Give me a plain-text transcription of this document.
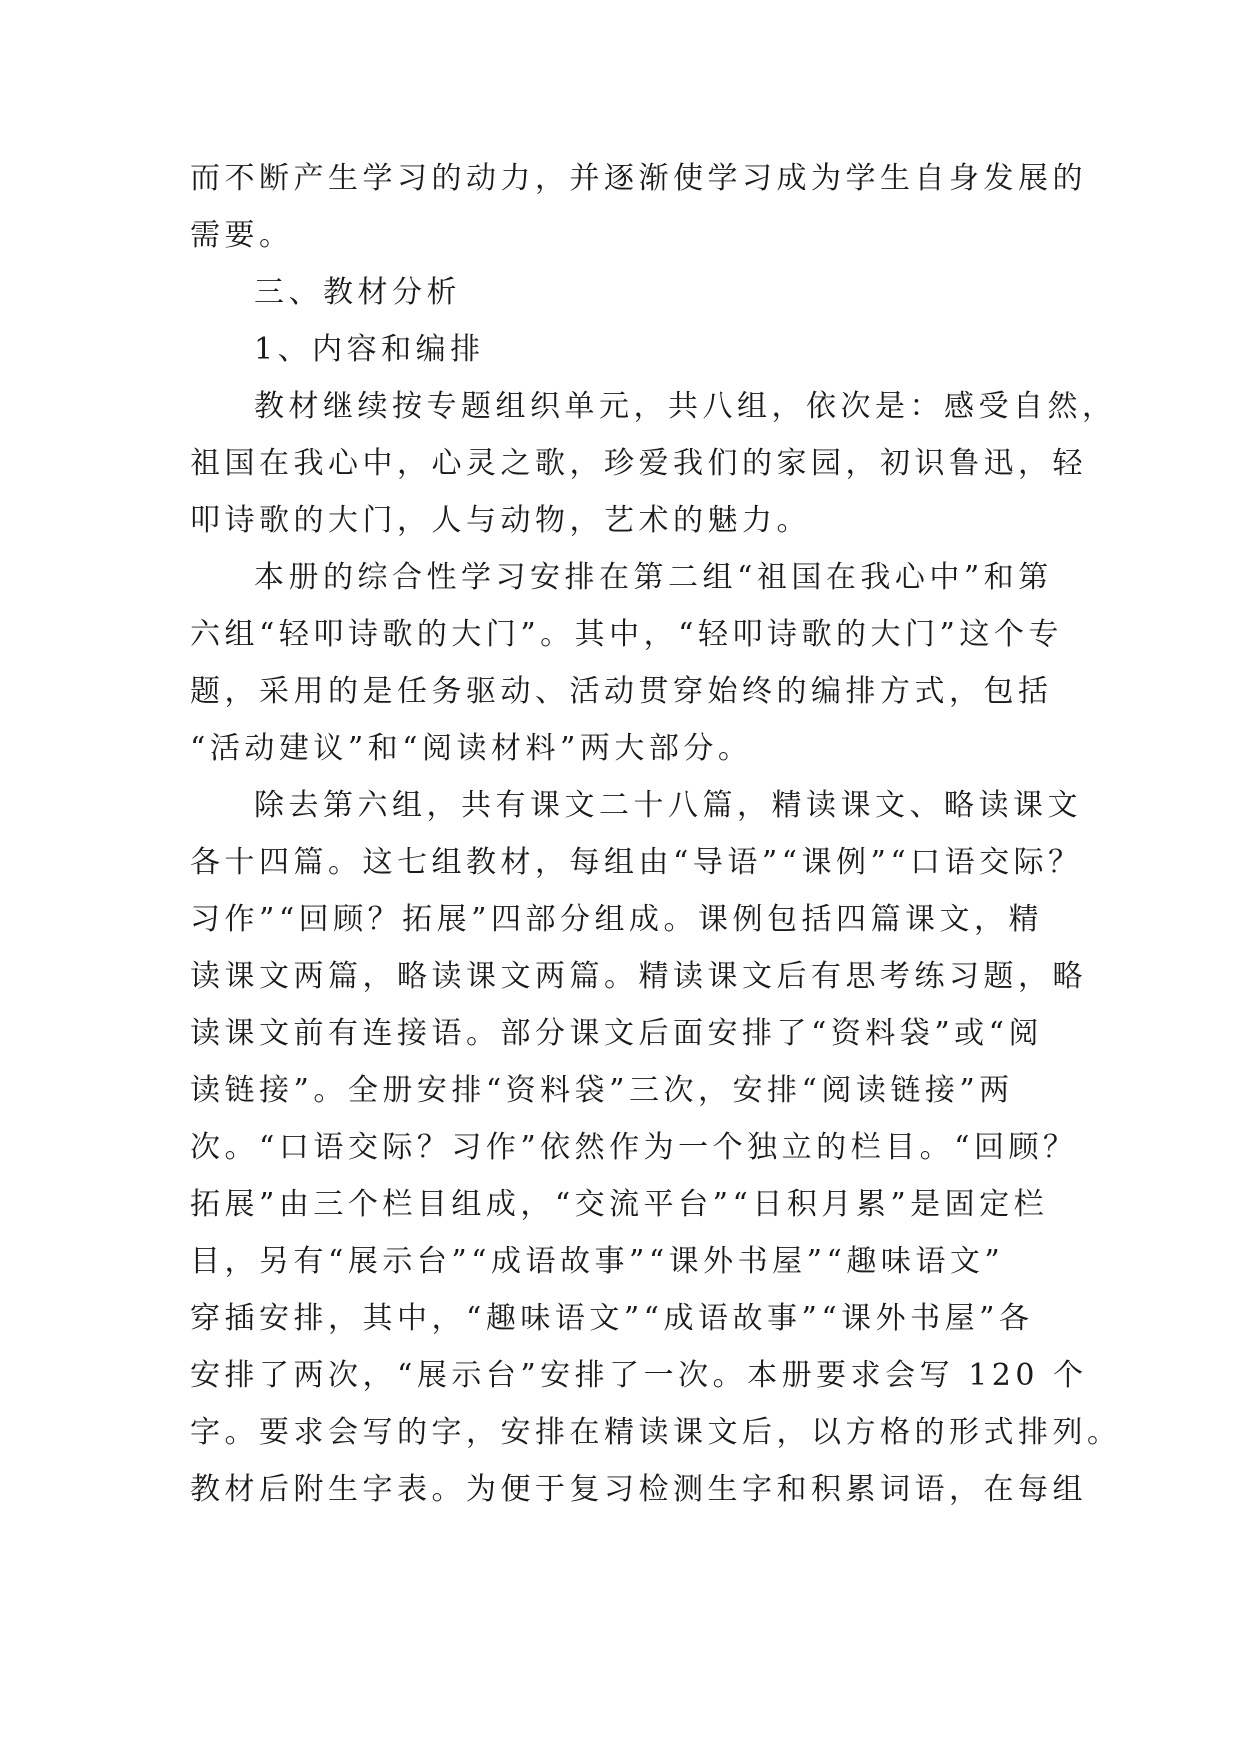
而不断产生学习的动力，并逐渐使学习成为学生自身发展的
需要。
三、教材分析
1、内容和编排
教材继续按专题组织单元，共八组，依次是：感受自然，
祖国在我心中，心灵之歌，珍爱我们的家园，初识鲁迅，轻
叩诗歌的大门，人与动物，艺术的魅力。
本册的综合性学习安排在第二组“祖国在我心中”和第
六组“轻叩诗歌的大门”。其中，“轻叩诗歌的大门”这个专
题，采用的是任务驱动、活动贯穿始终的编排方式，包括
“活动建议”和“阅读材料”两大部分。
除去第六组，共有课文二十八篇，精读课文、略读课文
各十四篇。这七组教材，每组由“导语”“课例”“口语交际？
习作”“回顾？拓展”四部分组成。课例包括四篇课文，精
读课文两篇，略读课文两篇。精读课文后有思考练习题，略
读课文前有连接语。部分课文后面安排了“资料袋”或“阅
读链接”。全册安排“资料袋”三次，安排“阅读链接”两
次。“口语交际？习作”依然作为一个独立的栏目。“回顾？
拓展”由三个栏目组成，“交流平台”“日积月累”是固定栏
目，另有“展示台”“成语故事”“课外书屋”“趣味语文”
穿插安排，其中，“趣味语文”“成语故事”“课外书屋”各
安排了两次，“展示台”安排了一次。本册要求会写 120 个
字。要求会写的字，安排在精读课文后，以方格的形式排列。
教材后附生字表。为便于复习检测生字和积累词语，在每组
